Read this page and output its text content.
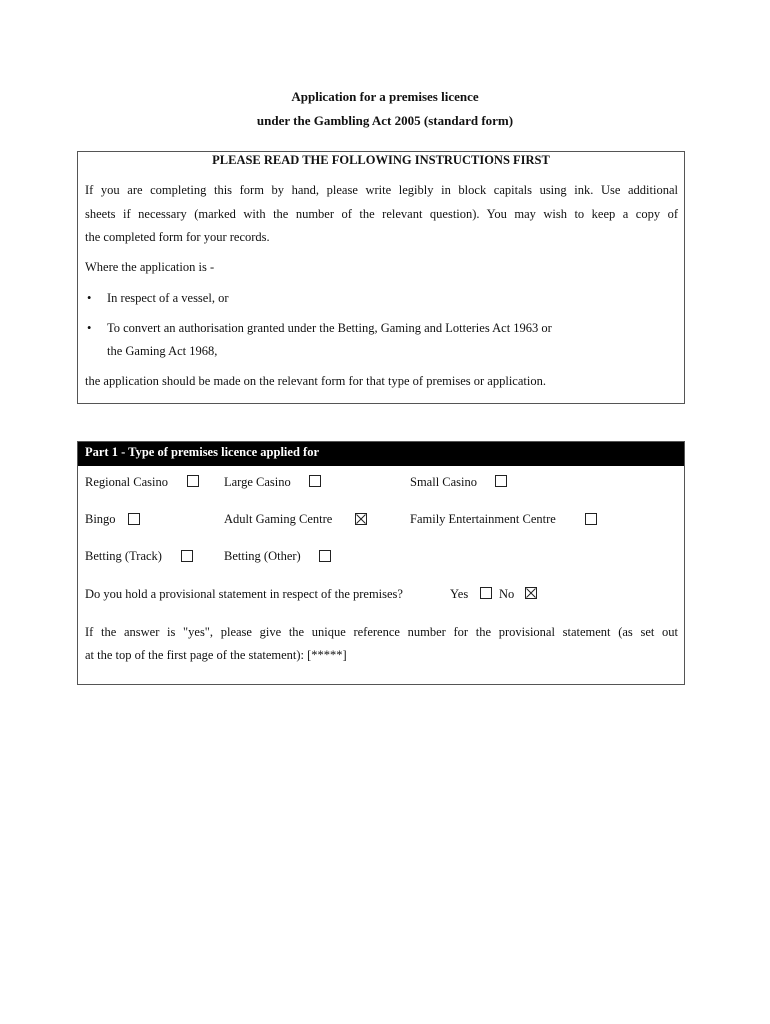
Application for a premises licence
under the Gambling Act 2005 (standard form)
PLEASE READ THE FOLLOWING INSTRUCTIONS FIRST
If you are completing this form by hand, please write legibly in block capitals using ink. Use additional
sheets if necessary (marked with the number of the relevant question). You may wish to keep a copy of
the completed form for your records.
Where the application is -
• In respect of a vessel, or
• To convert an authorisation granted under the Betting, Gaming and Lotteries Act 1963 or
the Gaming Act 1968,
the application should be made on the relevant form for that type of premises or application.
Part 1 - Type of premises licence applied for
Regional Casino	Large Casino	Small Casino
Bingo	Adult Gaming Centre	Family Entertainment Centre
Betting (Track)	Betting (Other)
Do you hold a provisional statement in respect of the premises?	Yes No
If the answer is "yes", please give the unique reference number for the provisional statement (as set out
at the top of the first page of the statement): [*****]
